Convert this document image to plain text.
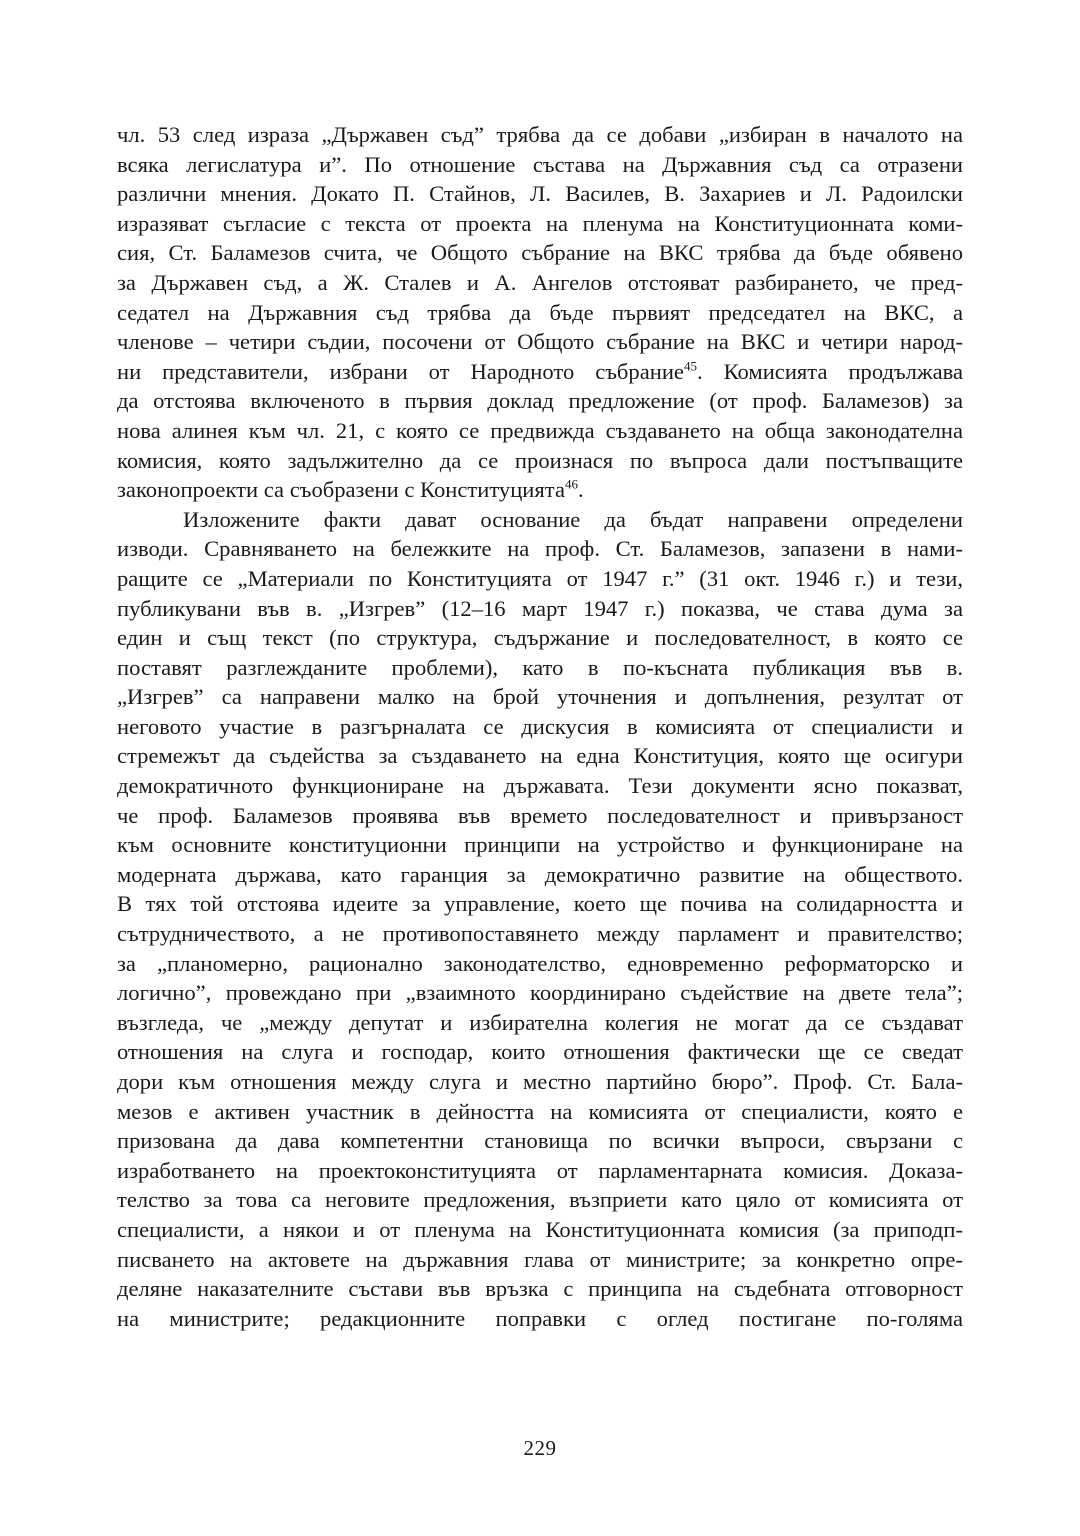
чл. 53 след израза „Държавен съд” трябва да се добави „избиран в началото на
всяка легислатура и”. По отношение състава на Държавния съд са отразени
различни мнения. Докато П. Стайнов, Л. Василев, В. Захариев и Л. Радоилски
изразяват съгласие с текста от проекта на пленума на Конституционната коми-
сия, Ст. Баламезов счита, че Общото събрание на ВКС трябва да бъде обявено
за Държавен съд, а Ж. Сталев и А. Ангелов отстояват разбирането, че пред-
седател на Държавния съд трябва да бъде първият председател на ВКС, а
членове – четири съдии, посочени от Общото събрание на ВКС и четири народ-
ни представители, избрани от Народното събрание$^{45}$. Комисията продължава
да отстоява включеното в първия доклад предложение (от проф. Баламезов) за
нова алинея към чл. 21, с която се предвижда създаването на обща законодателна
комисия, която задължително да се произнася по въпроса дали постъпващите
законопроекти са съобразени с Конституцията$^{46}$.
Изложените факти дават основание да бъдат направени определени
изводи. Сравняването на бележките на проф. Ст. Баламезов, запазени в нами-
ращите се „Материали по Конституцията от 1947 г.” (31 окт. 1946 г.) и тези,
публикувани във в. „Изгрев” (12–16 март 1947 г.) показва, че става дума за
един и същ текст (по структура, съдържание и последователност, в която се
поставят разглежданите проблеми), като в по-късната публикация във в.
„Изгрев” са направени малко на брой уточнения и допълнения, резултат от
неговото участие в разгърналата се дискусия в комисията от специалисти и
стремежът да съдейства за създаването на една Конституция, която ще осигури
демократичното функциониране на държавата. Тези документи ясно показват,
че проф. Баламезов проявява във времето последователност и привързаност
към основните конституционни принципи на устройство и функциониране на
модерната държава, като гаранция за демократично развитие на обществото.
В тях той отстоява идеите за управление, което ще почива на солидарността и
сътрудничеството, а не противопоставянето между парламент и правителство;
за „планомерно, рационално законодателство, едновременно реформаторско и
логично”, провеждано при „взаимното координирано съдействие на двете тела”;
възгледа, че „между депутат и избирателна колегия не могат да се създават
отношения на слуга и господар, които отношения фактически ще се сведат
дори към отношения между слуга и местно партийно бюро”. Проф. Ст. Бала-
мезов е активен участник в дейността на комисията от специалисти, която е
призована да дава компетентни становища по всички въпроси, свързани с
изработването на проектоконституцията от парламентарната комисия. Доказа-
телство за това са неговите предложения, възприети като цяло от комисията от
специалисти, а някои и от пленума на Конституционната комисия (за приподп-
писването на актовете на държавния глава от министрите; за конкретно опре-
деляне наказателните състави във връзка с принципа на съдебната отговорност
на министрите; редакционните поправки с оглед постигане по-голяма
229
